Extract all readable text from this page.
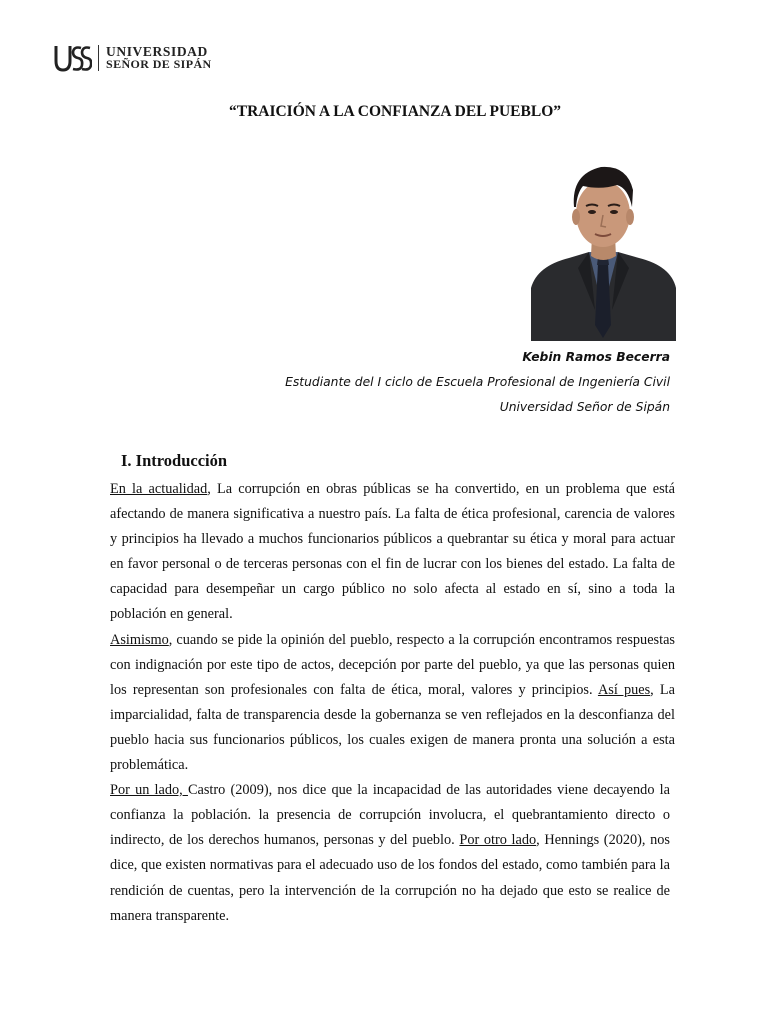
UNIVERSIDAD
SEÑOR DE SIPÁN
“TRAICIÓN A LA CONFIANZA DEL PUEBLO”
Kebin Ramos Becerra
Estudiante del I ciclo de Escuela Profesional de Ingeniería Civil
Universidad Señor de Sipán
I. Introducción

En la actualidad, La corrupción en obras públicas se ha convertido, en un problema que está afectando de manera significativa a nuestro país. La falta de ética profesional, carencia de valores y principios ha llevado a muchos funcionarios públicos a quebrantar su ética y moral para actuar en favor personal o de terceras personas con el fin de lucrar con los bienes del estado. La falta de capacidad para desempeñar un cargo público no solo afecta al estado en sí, sino a toda la población en general.

Asimismo, cuando se pide la opinión del pueblo, respecto a la corrupción encontramos respuestas con indignación por este tipo de actos, decepción por parte del pueblo, ya que las personas quien los representan son profesionales con falta de ética, moral, valores y principios. Así pues, La imparcialidad, falta de transparencia desde la gobernanza se ven reflejados en la desconfianza del pueblo hacia sus funcionarios públicos, los cuales exigen de manera pronta una solución a esta problemática.

Por un lado, Castro (2009), nos dice que la incapacidad de las autoridades viene decayendo la confianza la población. la presencia de corrupción involucra, el quebrantamiento directo o indirecto, de los derechos humanos, personas y del pueblo. Por otro lado, Hennings (2020), nos dice, que existen normativas para el adecuado uso de los fondos del estado, como también para la rendición de cuentas, pero la intervención de la corrupción no ha dejado que esto se realice de manera transparente.
